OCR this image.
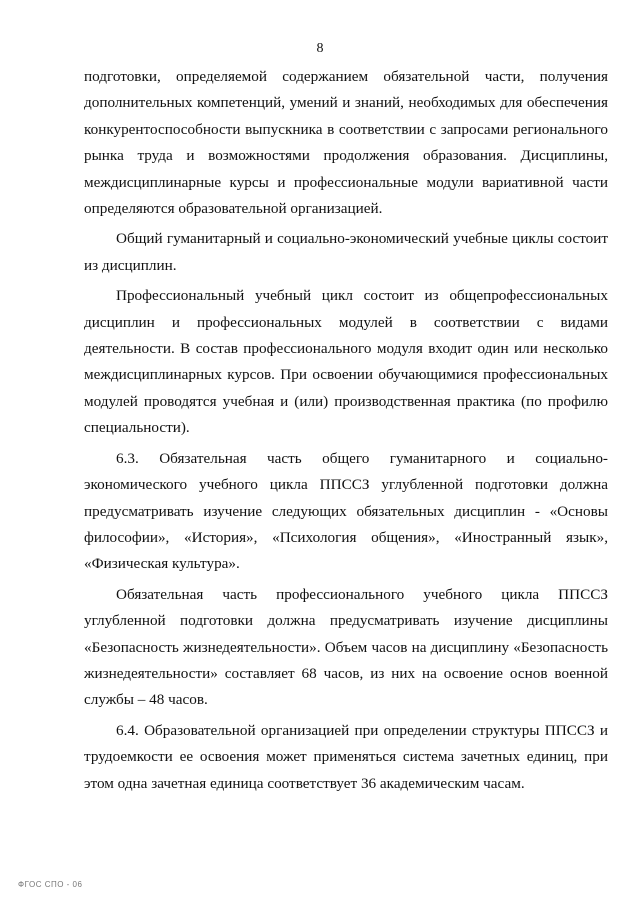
8

подготовки, определяемой содержанием обязательной части, получения дополнительных компетенций, умений и знаний, необходимых для обеспечения конкурентоспособности выпускника в соответствии с запросами регионального рынка труда и возможностями продолжения образования. Дисциплины, междисциплинарные курсы и профессиональные модули вариативной части определяются образовательной организацией.

Общий гуманитарный и социально-экономический учебные циклы состоит из дисциплин.

Профессиональный учебный цикл состоит из общепрофессиональных дисциплин и профессиональных модулей в соответствии с видами деятельности. В состав профессионального модуля входит один или несколько междисциплинарных курсов. При освоении обучающимися профессиональных модулей проводятся учебная и (или) производственная практика (по профилю специальности).

6.3. Обязательная часть общего гуманитарного и социально-экономического учебного цикла ППССЗ углубленной подготовки должна предусматривать изучение следующих обязательных дисциплин - «Основы философии», «История», «Психология общения», «Иностранный язык», «Физическая культура».

Обязательная часть профессионального учебного цикла ППССЗ углубленной подготовки должна предусматривать изучение дисциплины «Безопасность жизнедеятельности». Объем часов на дисциплину «Безопасность жизнедеятельности» составляет 68 часов, из них на освоение основ военной службы – 48 часов.

6.4. Образовательной организацией при определении структуры ППССЗ и трудоемкости ее освоения может применяться система зачетных единиц, при этом одна зачетная единица соответствует 36 академическим часам.

ФГОС СПО - 06
